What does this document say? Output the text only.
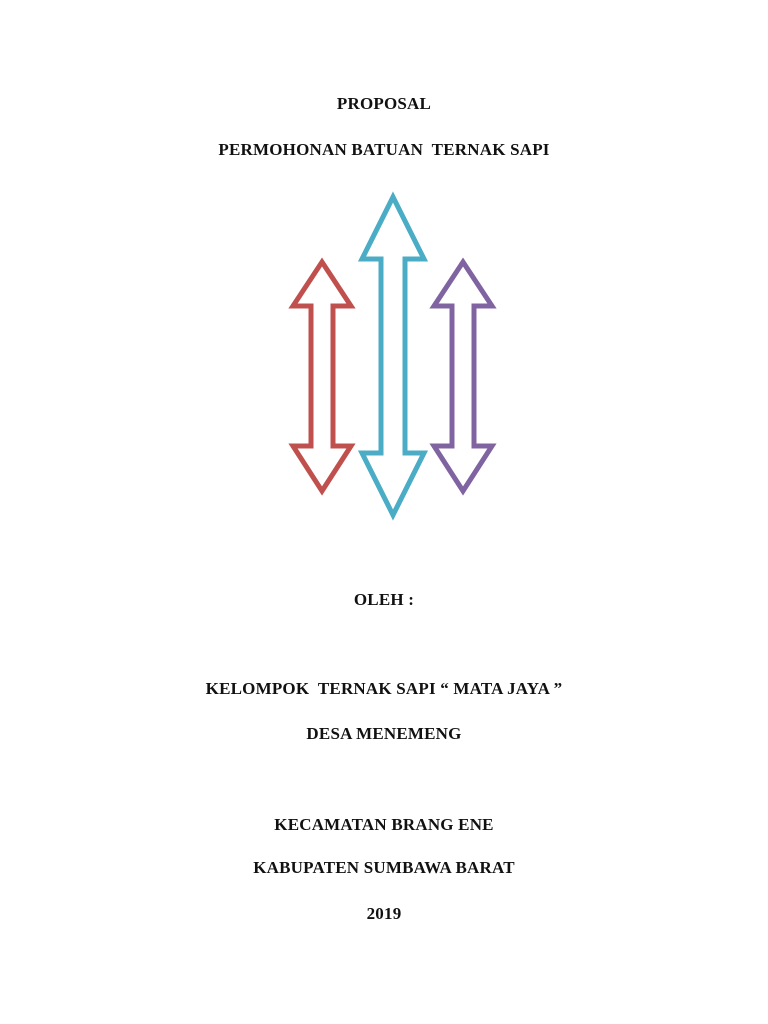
PROPOSAL
PERMOHONAN BATUAN  TERNAK SAPI
OLEH :
KELOMPOK  TERNAK SAPI “ MATA JAYA ”
DESA MENEMENG
KECAMATAN BRANG ENE
KABUPATEN SUMBAWA BARAT
2019
